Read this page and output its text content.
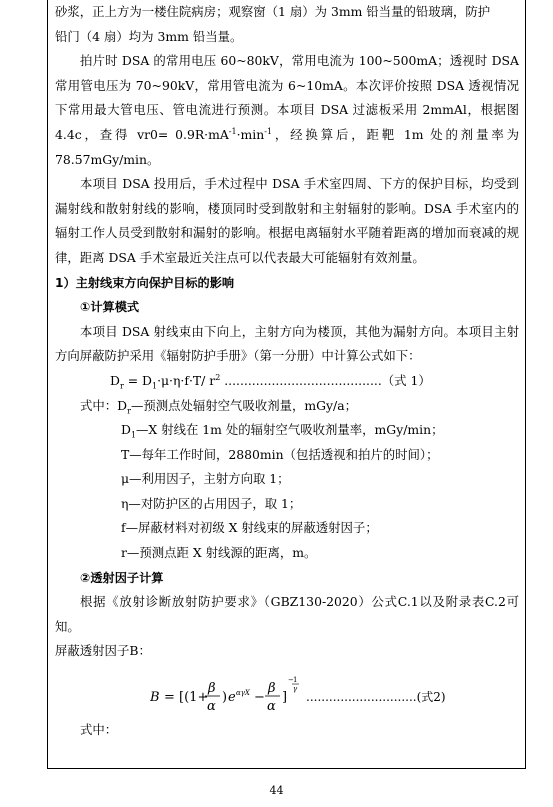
砂浆，正上方为一楼住院病房；观察窗（1 扇）为 3mm 铅当量的铅玻璃，防护

铅门（4 扇）均为 3mm 铅当量。

拍片时 DSA 的常用电压 60~80kV，常用电流为 100~500mA；透视时 DSA 常用管电压为 70~90kV，常用管电流为 6~10mA。本次评价按照 DSA 透视情况下常用最大管电压、管电流进行预测。本项目 DSA 过滤板采用 2mmAl，根据图 4.4c，查得 $vr0= 0.9R\cdot mA^{-1}\cdot\min^{-1}$，经换算后，距靶 1m 处的剂量率为 78.57mGy/min。

本项目 DSA 投用后，手术过程中 DSA 手术室四周、下方的保护目标，均受到漏射线和散射射线的影响，楼顶同时受到散射和主射辐射的影响。DSA 手术室内的辐射工作人员受到散射和漏射的影响。根据电离辐射水平随着距离的增加而衰减的规律，距离 DSA 手术室最近关注点可以代表最大可能辐射有效剂量。

1）主射线束方向保护目标的影响

①计算模式

本项目 DSA 射线束由下向上，主射方向为楼顶，其他为漏射方向。本项目主射方向屏蔽防护采用《辐射防护手册》（第一分册）中计算公式如下：

$D_r = D_1\cdot\mu\cdot\eta\cdot f\cdot T/$ $r^2$ ........................................（式 1）

式中：$D_r—$预测点处辐射空气吸收剂量，mGy/a；

$D_1—X$ 射线在 1m 处的辐射空气吸收剂量率，mGy/min；

T—每年工作时间，2880min（包括透视和拍片的时间）；

μ—利用因子，主射方向取 1；

η—对防护区的占用因子，取 1；

f—屏蔽材料对初级 X 射线束的屏蔽透射因子；

r—预测点距 X 射线源的距离，m。

②透射因子计算

根据《放射诊断放射防护要求》（GBZ130-2020）公式C.1以及附录表C.2可知。

屏蔽透射因子B：

B = [(1+
β
α
) e αγX −
β
α
]
− 1
γ
.............................(式2)

式中：

44
